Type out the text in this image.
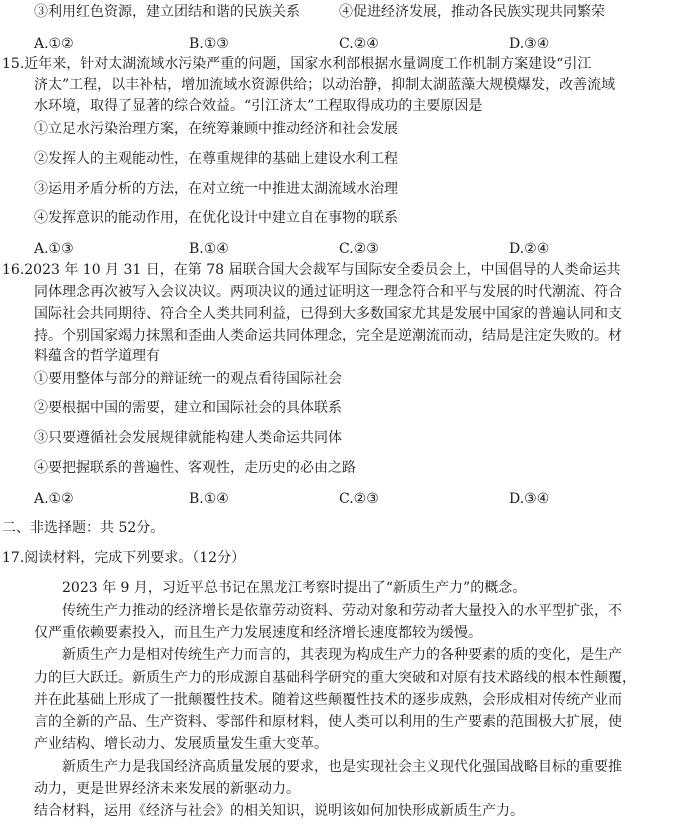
③利用红色资源，建立团结和谐的民族关系	④促进经济发展，推动各民族实现共同繁荣
A.①②	B.①③	C.②④	D.③④
15.近年来，针对太湖流域水污染严重的问题，国家水利部根据水量调度工作机制方案建设“引江
济太”工程，以丰补枯，增加流域水资源供给；以动治静，抑制太湖蓝藻大规模爆发，改善流域
水环境，取得了显著的综合效益。“引江济太”工程取得成功的主要原因是
①立足水污染治理方案，在统筹兼顾中推动经济和社会发展
②发挥人的主观能动性，在尊重规律的基础上建设水利工程
③运用矛盾分析的方法，在对立统一中推进太湖流域水治理
④发挥意识的能动作用，在优化设计中建立自在事物的联系
A.①③	B.①④	C.②③	D.②④
16.2023 年 10 月 31 日，在第 78 届联合国大会裁军与国际安全委员会上，中国倡导的人类命运共
同体理念再次被写入会议决议。两项决议的通过证明这一理念符合和平与发展的时代潮流、符合
国际社会共同期待、符合全人类共同利益，已得到大多数国家尤其是发展中国家的普遍认同和支
持。个别国家竭力抹黑和歪曲人类命运共同体理念，完全是逆潮流而动，结局是注定失败的。材
料蕴含的哲学道理有
①要用整体与部分的辩证统一的观点看待国际社会
②要根据中国的需要，建立和国际社会的具体联系
③只要遵循社会发展规律就能构建人类命运共同体
④要把握联系的普遍性、客观性，走历史的必由之路
A.①②	B.①④	C.②③	D.③④
二、非选择题：共 52分。
17.阅读材料，完成下列要求。（12分）
2023 年 9 月，习近平总书记在黑龙江考察时提出了“新质生产力”的概念。
传统生产力推动的经济增长是依靠劳动资料、劳动对象和劳动者大量投入的水平型扩张，不
仅严重依赖要素投入，而且生产力发展速度和经济增长速度都较为缓慢。
新质生产力是相对传统生产力而言的，其表现为构成生产力的各种要素的质的变化，是生产
力的巨大跃迁。新质生产力的形成源自基础科学研究的重大突破和对原有技术路线的根本性颠覆，
并在此基础上形成了一批颠覆性技术。随着这些颠覆性技术的逐步成熟，会形成相对传统产业而
言的全新的产品、生产资料、零部件和原材料，使人类可以利用的生产要素的范围极大扩展，使
产业结构、增长动力、发展质量发生重大变革。
新质生产力是我国经济高质量发展的要求，也是实现社会主义现代化强国战略目标的重要推
动力，更是世界经济未来发展的新驱动力。
结合材料，运用《经济与社会》的相关知识，说明该如何加快形成新质生产力。
